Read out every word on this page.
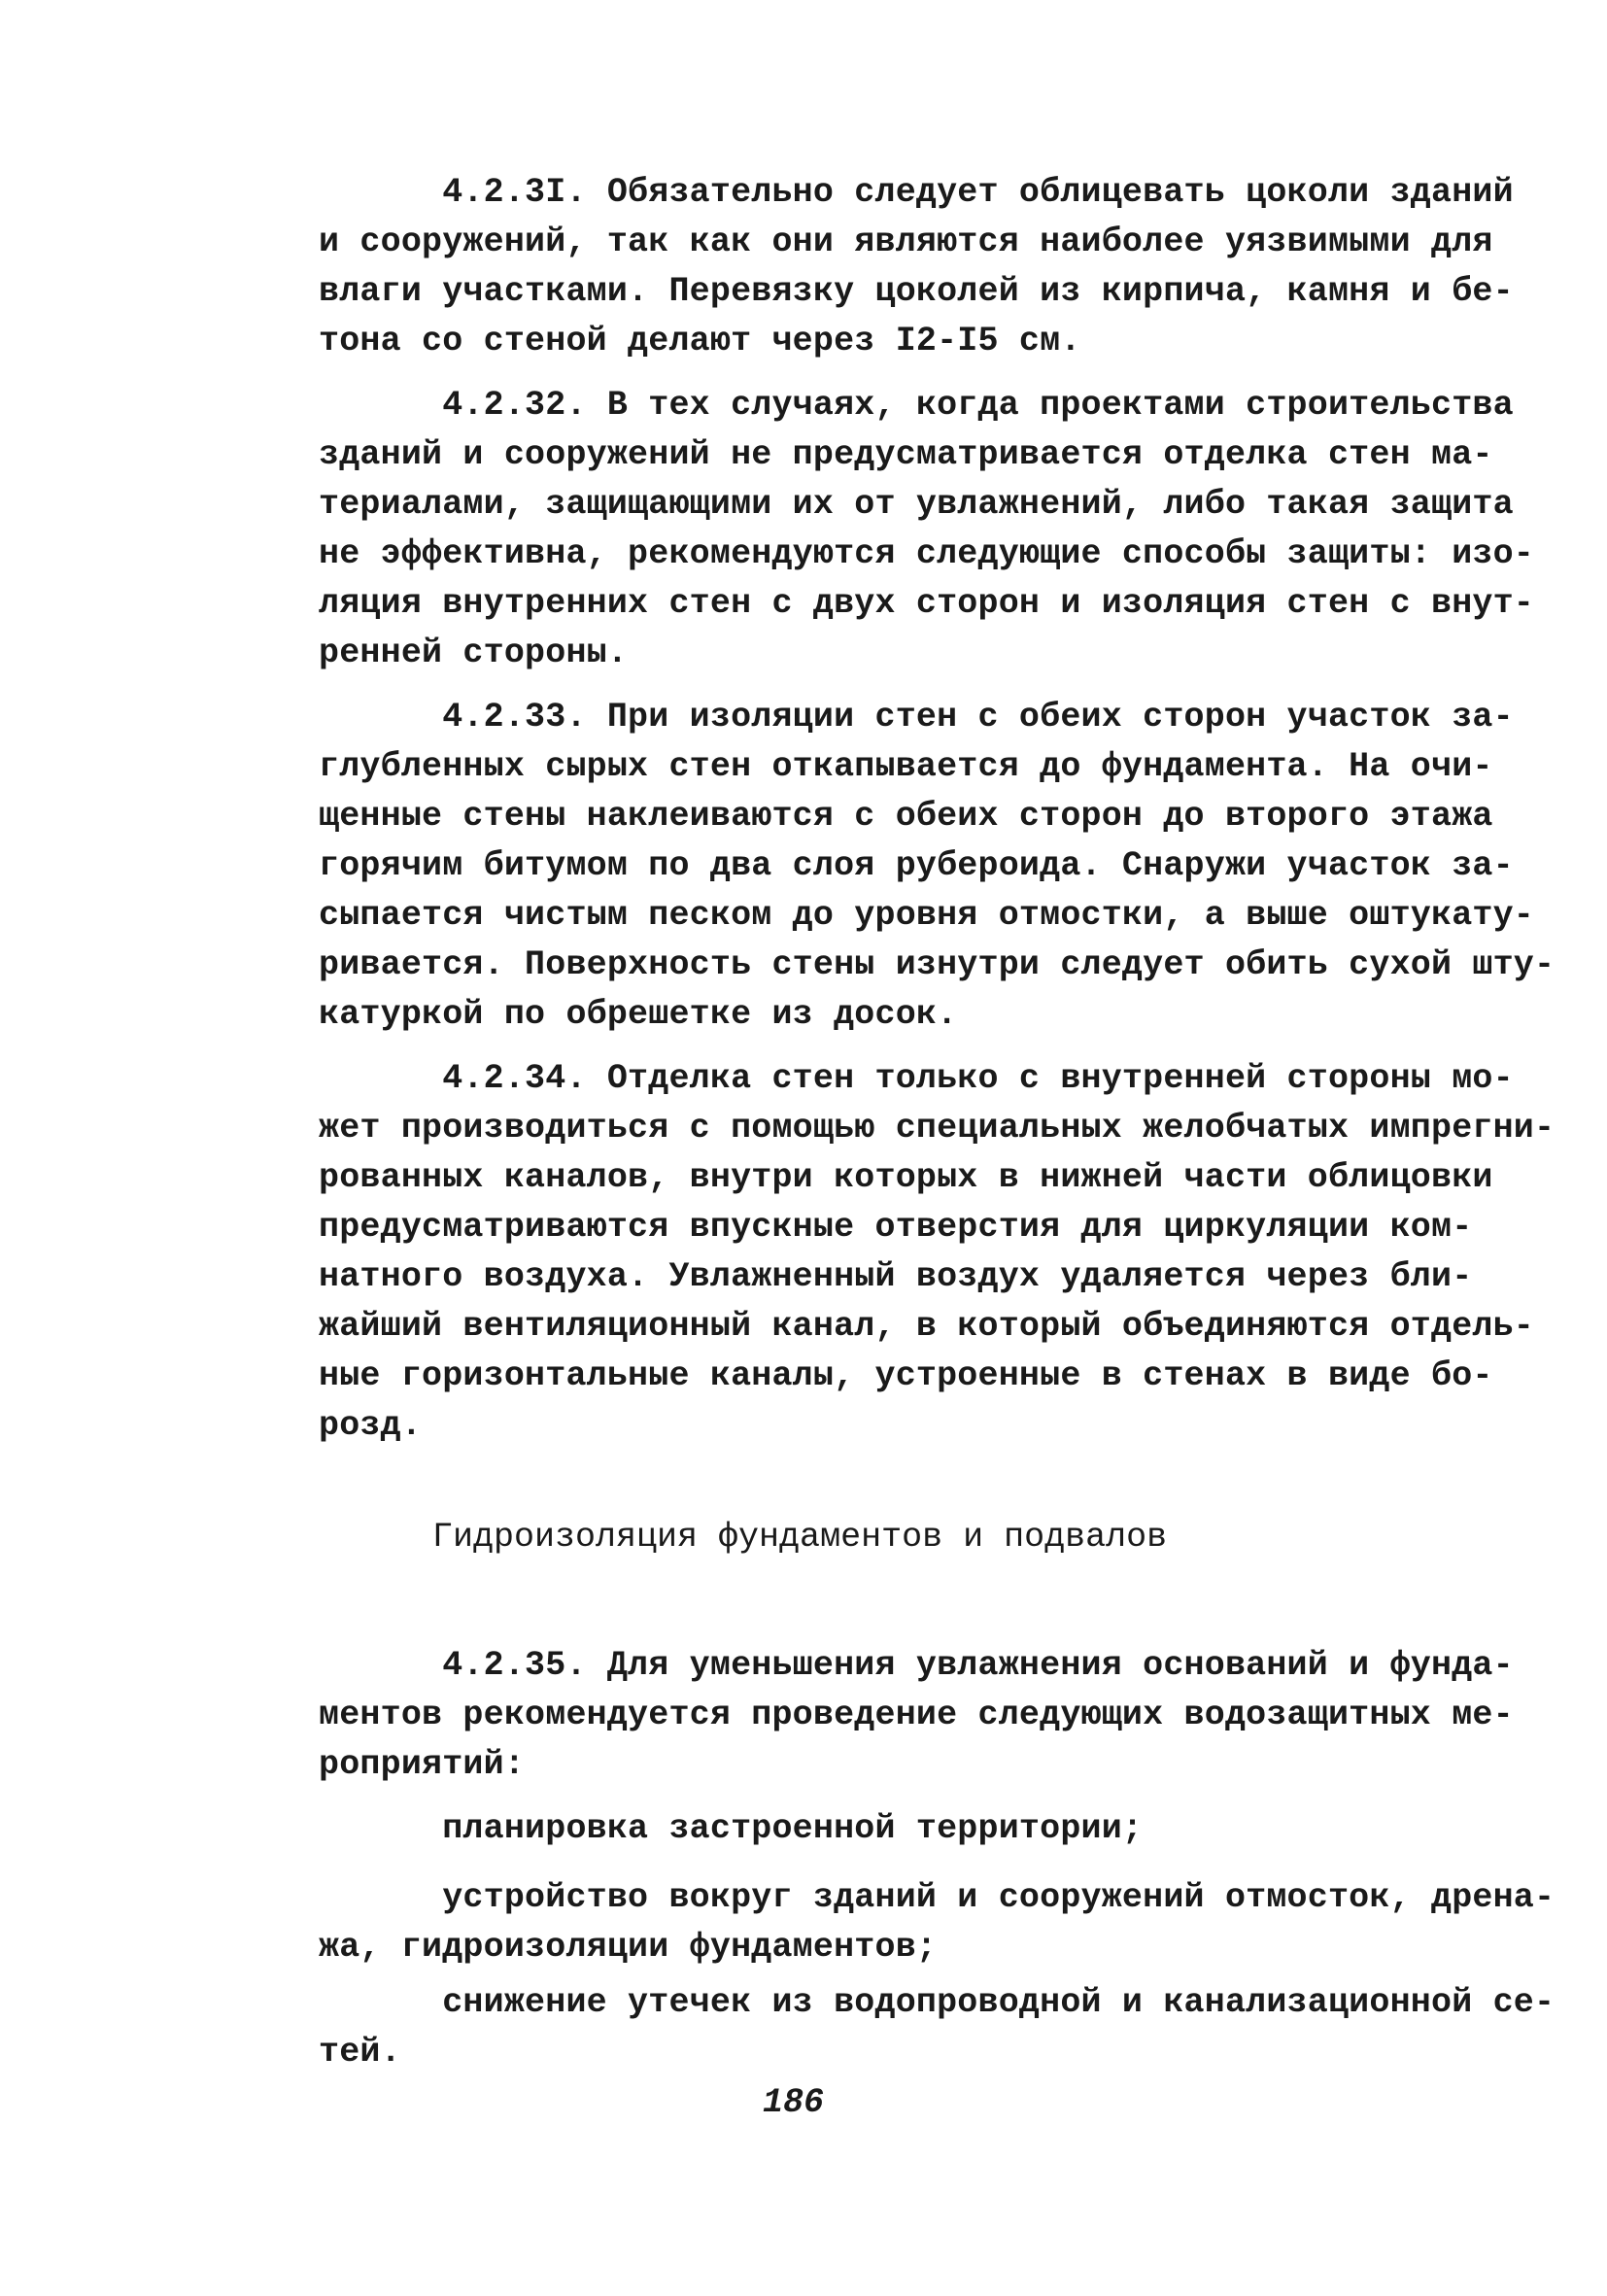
4.2.3I. Обязательно следует облицевать цоколи зданий
и сооружений, так как они являются наиболее уязвимыми для
влаги участками. Перевязку цоколей из кирпича, камня и бе-
тона со стеной делают через I2-I5 см.
4.2.32. В тех случаях, когда проектами строительства
зданий и сооружений не предусматривается отделка стен ма-
териалами, защищающими их от увлажнений, либо такая защита
не эффективна, рекомендуются следующие способы защиты: изо-
ляция внутренних стен с двух сторон и изоляция стен с внут-
ренней стороны.
4.2.33. При изоляции стен с обеих сторон участок за-
глубленных сырых стен откапывается до фундамента. На очи-
щенные стены наклеиваются с обеих сторон до второго этажа
горячим битумом по два слоя рубероида. Снаружи участок за-
сыпается чистым песком до уровня отмостки, а выше оштукату-
ривается. Поверхность стены изнутри следует обить сухой шту-
катуркой по обрешетке из досок.
4.2.34. Отделка стен только с внутренней стороны мо-
жет производиться с помощью специальных желобчатых импрегни-
рованных каналов, внутри которых в нижней части облицовки
предусматриваются впускные отверстия для циркуляции ком-
натного воздуха. Увлажненный воздух удаляется через бли-
жайший вентиляционный канал, в который объединяются отдель-
ные горизонтальные каналы, устроенные в стенах в виде бо-
розд.
Гидроизоляция фундаментов и подвалов
4.2.35. Для уменьшения увлажнения оснований и фунда-
ментов рекомендуется проведение следующих водозащитных ме-
роприятий:
планировка застроенной территории;
устройство вокруг зданий и сооружений отмосток, дрена-
жа, гидроизоляции фундаментов;
снижение утечек из водопроводной и канализационной се-
тей.
186
